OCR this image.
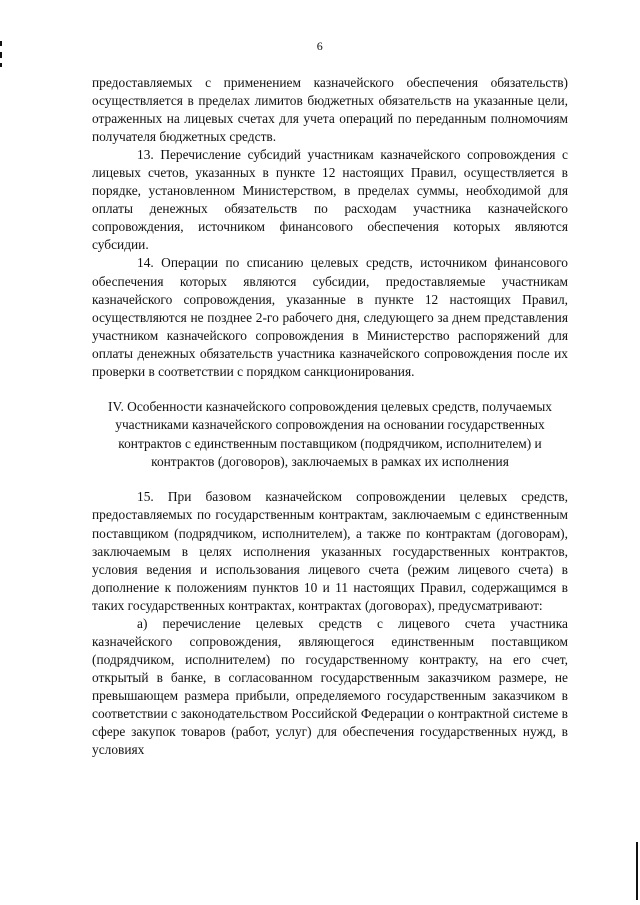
6

предоставляемых с применением казначейского обеспечения обязательств) осуществляется в пределах лимитов бюджетных обязательств на указанные цели, отраженных на лицевых счетах для учета операций по переданным полномочиям получателя бюджетных средств.

13. Перечисление субсидий участникам казначейского сопровождения с лицевых счетов, указанных в пункте 12 настоящих Правил, осуществляется в порядке, установленном Министерством, в пределах суммы, необходимой для оплаты денежных обязательств по расходам участника казначейского сопровождения, источником финансового обеспечения которых являются субсидии.

14. Операции по списанию целевых средств, источником финансового обеспечения которых являются субсидии, предоставляемые участникам казначейского сопровождения, указанные в пункте 12 настоящих Правил, осуществляются не позднее 2-го рабочего дня, следующего за днем представления участником казначейского сопровождения в Министерство распоряжений для оплаты денежных обязательств участника казначейского сопровождения после их проверки в соответствии с порядком санкционирования.

IV. Особенности казначейского сопровождения целевых средств, получаемых участниками казначейского сопровождения на основании государственных контрактов с единственным поставщиком (подрядчиком, исполнителем) и контрактов (договоров), заключаемых в рамках их исполнения

15. При базовом казначейском сопровождении целевых средств, предоставляемых по государственным контрактам, заключаемым с единственным поставщиком (подрядчиком, исполнителем), а также по контрактам (договорам), заключаемым в целях исполнения указанных государственных контрактов, условия ведения и использования лицевого счета (режим лицевого счета) в дополнение к положениям пунктов 10 и 11 настоящих Правил, содержащимся в таких государственных контрактах, контрактах (договорах), предусматривают:

а) перечисление целевых средств с лицевого счета участника казначейского сопровождения, являющегося единственным поставщиком (подрядчиком, исполнителем) по государственному контракту, на его счет, открытый в банке, в согласованном государственным заказчиком размере, не превышающем размера прибыли, определяемого государственным заказчиком в соответствии с законодательством Российской Федерации о контрактной системе в сфере закупок товаров (работ, услуг) для обеспечения государственных нужд, в условиях
